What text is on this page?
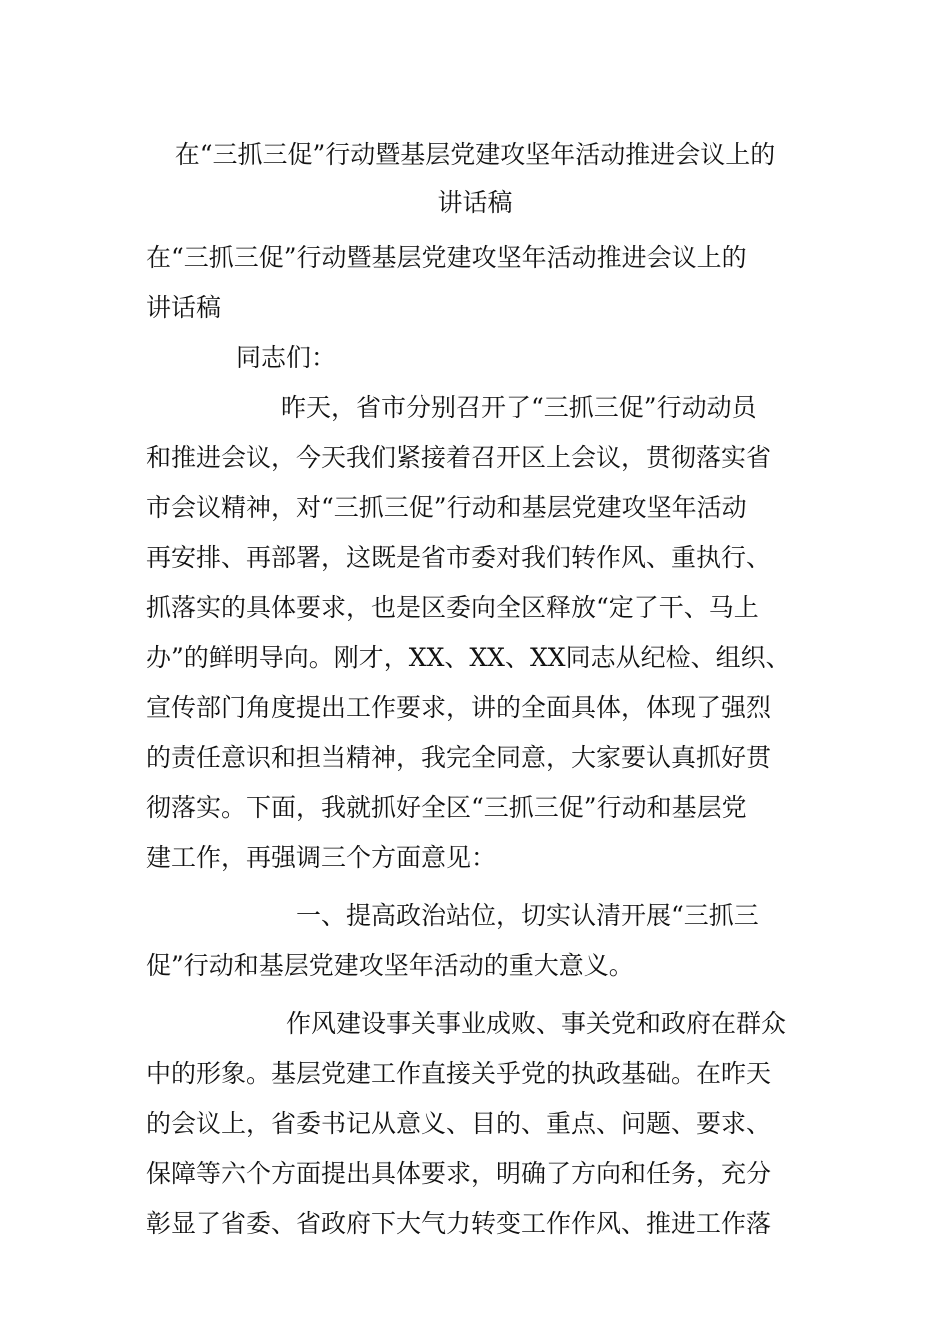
在“三抓三促”行动暨基层党建攻坚年活动推进会议上的
讲话稿
在“三抓三促”行动暨基层党建攻坚年活动推进会议上的
讲话稿
同志们：
昨天，省市分别召开了“三抓三促”行动动员
和推进会议，今天我们紧接着召开区上会议，贯彻落实省
市会议精神，对“三抓三促”行动和基层党建攻坚年活动
再安排、再部署，这既是省市委对我们转作风、重执行、
抓落实的具体要求，也是区委向全区释放“定了干、马上
办”的鲜明导向。刚才，XX、XX、XX同志从纪检、组织、
宣传部门角度提出工作要求，讲的全面具体，体现了强烈
的责任意识和担当精神，我完全同意，大家要认真抓好贯
彻落实。下面，我就抓好全区“三抓三促”行动和基层党
建工作，再强调三个方面意见：
一、提高政治站位，切实认清开展“三抓三
促”行动和基层党建攻坚年活动的重大意义。
作风建设事关事业成败、事关党和政府在群众
中的形象。基层党建工作直接关乎党的执政基础。在昨天
的会议上，省委书记从意义、目的、重点、问题、要求、
保障等六个方面提出具体要求，明确了方向和任务，充分
彰显了省委、省政府下大气力转变工作作风、推进工作落
